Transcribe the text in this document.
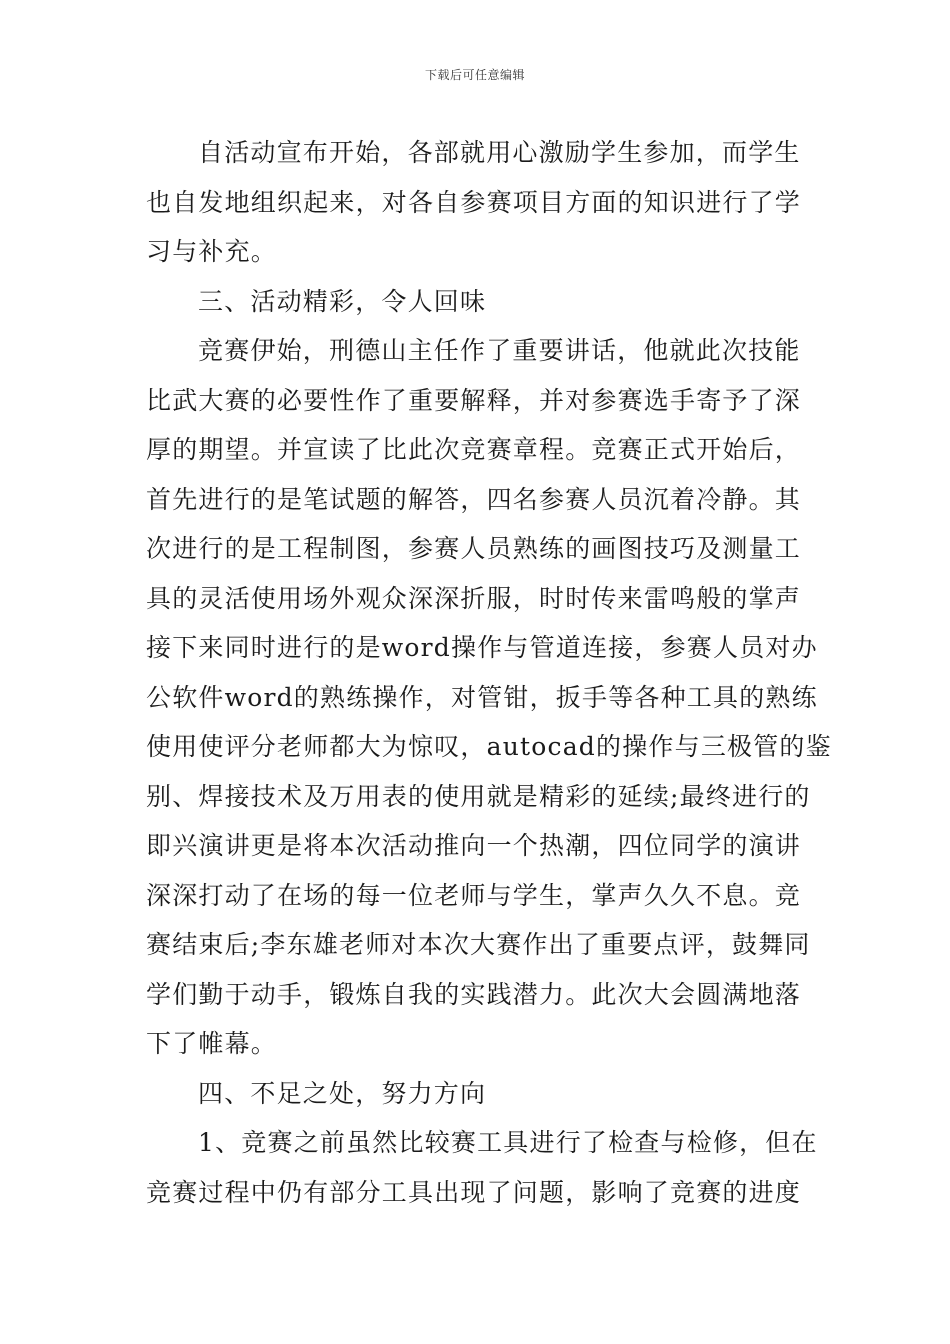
下载后可任意编辑
自活动宣布开始，各部就用心激励学生参加，而学生
也自发地组织起来，对各自参赛项目方面的知识进行了学
习与补充。
三、活动精彩，令人回味
竞赛伊始，刑德山主任作了重要讲话，他就此次技能
比武大赛的必要性作了重要解释，并对参赛选手寄予了深
厚的期望。并宣读了比此次竞赛章程。竞赛正式开始后，
首先进行的是笔试题的解答，四名参赛人员沉着冷静。其
次进行的是工程制图，参赛人员熟练的画图技巧及测量工
具的灵活使用场外观众深深折服，时时传来雷鸣般的掌声
接下来同时进行的是word操作与管道连接，参赛人员对办
公软件word的熟练操作，对管钳，扳手等各种工具的熟练
使用使评分老师都大为惊叹，autocad的操作与三极管的鉴
别、焊接技术及万用表的使用就是精彩的延续;最终进行的
即兴演讲更是将本次活动推向一个热潮，四位同学的演讲
深深打动了在场的每一位老师与学生，掌声久久不息。竞
赛结束后;李东雄老师对本次大赛作出了重要点评，鼓舞同
学们勤于动手，锻炼自我的实践潜力。此次大会圆满地落
下了帷幕。
四、不足之处，努力方向
1、竞赛之前虽然比较赛工具进行了检查与检修，但在
竞赛过程中仍有部分工具出现了问题，影响了竞赛的进度
